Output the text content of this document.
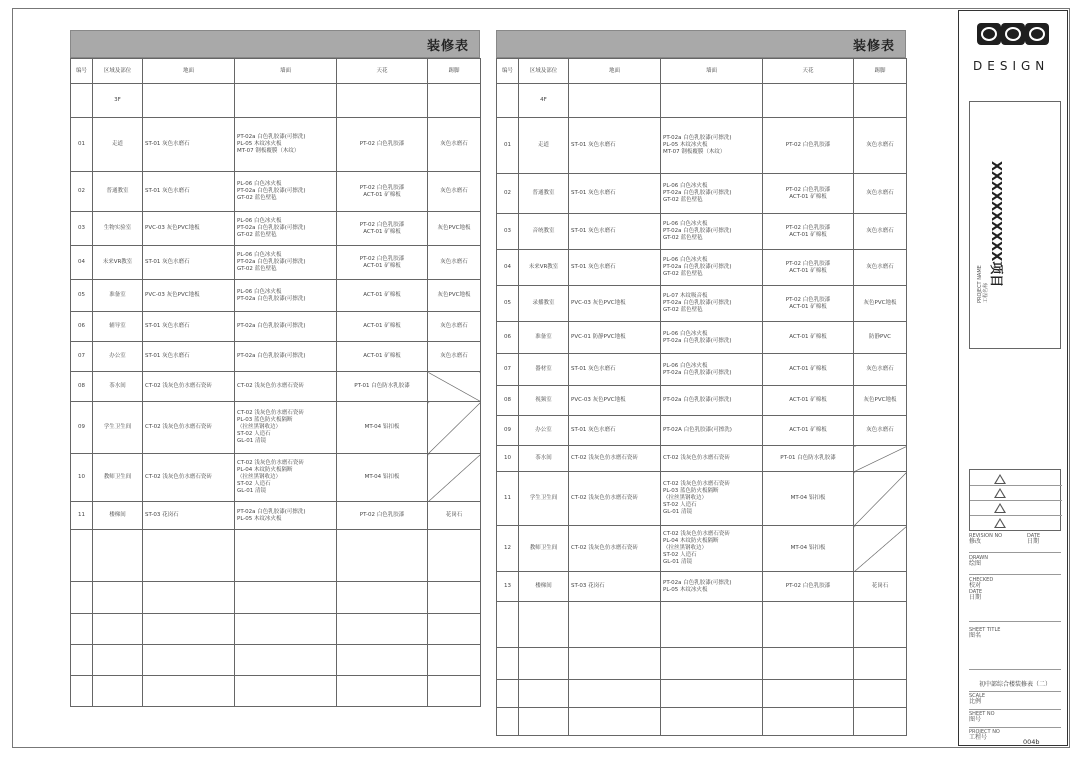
装修表
编号	区域及部位	地面	墙面	天花	踢脚
	3F				
01	走道	ST-01 灰色水磨石	PT-02a 白色乳胶漆(可擦洗)
PL-05 木纹冰火板
MT-07 钢板覆膜（木纹）	PT-02 白色乳胶漆	灰色水磨石
02	普通教室	ST-01 灰色水磨石	PL-06 白色冰火板
PT-02a 白色乳胶漆(可擦洗)
GT-02 蓝色壁毡	PT-02 白色乳胶漆
ACT-01 矿棉板	灰色水磨石
03	生物实验室	PVC-03 灰色PVC地板	PL-06 白色冰火板
PT-02a 白色乳胶漆(可擦洗)
GT-02 蓝色壁毡	PT-02 白色乳胶漆
ACT-01 矿棉板	灰色PVC地板
04	未来VR教室	ST-01 灰色水磨石	PL-06 白色冰火板
PT-02a 白色乳胶漆(可擦洗)
GT-02 蓝色壁毡	PT-02 白色乳胶漆
ACT-01 矿棉板	灰色水磨石
05	准备室	PVC-03 灰色PVC地板	PL-06 白色冰火板
PT-02a 白色乳胶漆(可擦洗)	ACT-01 矿棉板	灰色PVC地板
06	辅导室	ST-01 灰色水磨石	PT-02a 白色乳胶漆(可擦洗)	ACT-01 矿棉板	灰色水磨石
07	办公室	ST-01 灰色水磨石	PT-02a 白色乳胶漆(可擦洗)	ACT-01 矿棉板	灰色水磨石
08	茶水间	CT-02 浅灰色仿水磨石瓷砖	CT-02 浅灰色仿水磨石瓷砖	PT-01 白色防水乳胶漆	
09	学生卫生间	CT-02 浅灰色仿水磨石瓷砖	CT-02 浅灰色仿水磨石瓷砖
PL-03 蓝色防火板隔断
（拉丝黑钢收边）
ST-02 人造石
GL-01 清镜	MT-04 铝扣板	
10	教师卫生间	CT-02 浅灰色仿水磨石瓷砖	CT-02 浅灰色仿水磨石瓷砖
PL-04 木纹防火板隔断
（拉丝黑钢收边）
ST-02 人造石
GL-01 清镜	MT-04 铝扣板	
11	楼梯间	ST-03 花岗石	PT-02a 白色乳胶漆(可擦洗)
PL-05 木纹冰火板	PT-02 白色乳胶漆	花岗石

装修表
编号	区域及部位	地面	墙面	天花	踢脚
	4F				
01	走道	ST-01 灰色水磨石	PT-02a 白色乳胶漆(可擦洗)
PL-05 木纹冰火板
MT-07 钢板覆膜（木纹）	PT-02 白色乳胶漆	灰色水磨石
02	普通教室	ST-01 灰色水磨石	PL-06 白色冰火板
PT-02a 白色乳胶漆(可擦洗)
GT-02 蓝色壁毡	PT-02 白色乳胶漆
ACT-01 矿棉板	灰色水磨石
03	音统教室	ST-01 灰色水磨石	PL-06 白色冰火板
PT-02a 白色乳胶漆(可擦洗)
GT-02 蓝色壁毡	PT-02 白色乳胶漆
ACT-01 矿棉板	灰色水磨石
04	未来VR教室	ST-01 灰色水磨石	PL-06 白色冰火板
PT-02a 白色乳胶漆(可擦洗)
GT-02 蓝色壁毡	PT-02 白色乳胶漆
ACT-01 矿棉板	灰色水磨石
05	录播教室	PVC-03 灰色PVC地板	PL-07 木纹吸音板
PT-02a 白色乳胶漆(可擦洗)
GT-02 蓝色壁毡	PT-02 白色乳胶漆
ACT-01 矿棉板	灰色PVC地板
06	准备室	PVC-01 防静PVC地板	PL-06 白色冰火板
PT-02a 白色乳胶漆(可擦洗)	ACT-01 矿棉板	防静PVC
07	器材室	ST-01 灰色水磨石	PL-06 白色冰火板
PT-02a 白色乳胶漆(可擦洗)	ACT-01 矿棉板	灰色水磨石
08	视频室	PVC-03 灰色PVC地板	PT-02a 白色乳胶漆(可擦洗)	ACT-01 矿棉板	灰色PVC地板
09	办公室	ST-01 灰色水磨石	PT-02A 白色乳胶漆(可擦洗)	ACT-01 矿棉板	灰色水磨石
10	茶水间	CT-02 浅灰色仿水磨石瓷砖	CT-02 浅灰色仿水磨石瓷砖	PT-01 白色防水乳胶漆	
11	学生卫生间	CT-02 浅灰色仿水磨石瓷砖	CT-02 浅灰色仿水磨石瓷砖
PL-03 蓝色防火板隔断
（拉丝黑钢收边）
ST-02 人造石
GL-01 清镜	MT-04 铝扣板	
12	教师卫生间	CT-02 浅灰色仿水磨石瓷砖	CT-02 浅灰色仿水磨石瓷砖
PL-04 木纹防火板隔断
（拉丝黑钢收边）
ST-02 人造石
GL-01 清镜	MT-04 铝扣板	
13	楼梯间	ST-03 花岗石	PT-02a 白色乳胶漆(可擦洗)
PL-05 木纹冰火板	PT-02 白色乳胶漆	花岗石

DESIGN
XXXXXXXXXX项目
PROJECT NAME 工程名称
REVISION NO	DATE

修改	日期
DRAWN
绘图
CHECKED
校对
DATE
日期
SHEET TITLE
图名
初中部综合楼装修表（二）
SCALE
比例
SHEET NO
图号
PROJECT NO
工程号
004b
